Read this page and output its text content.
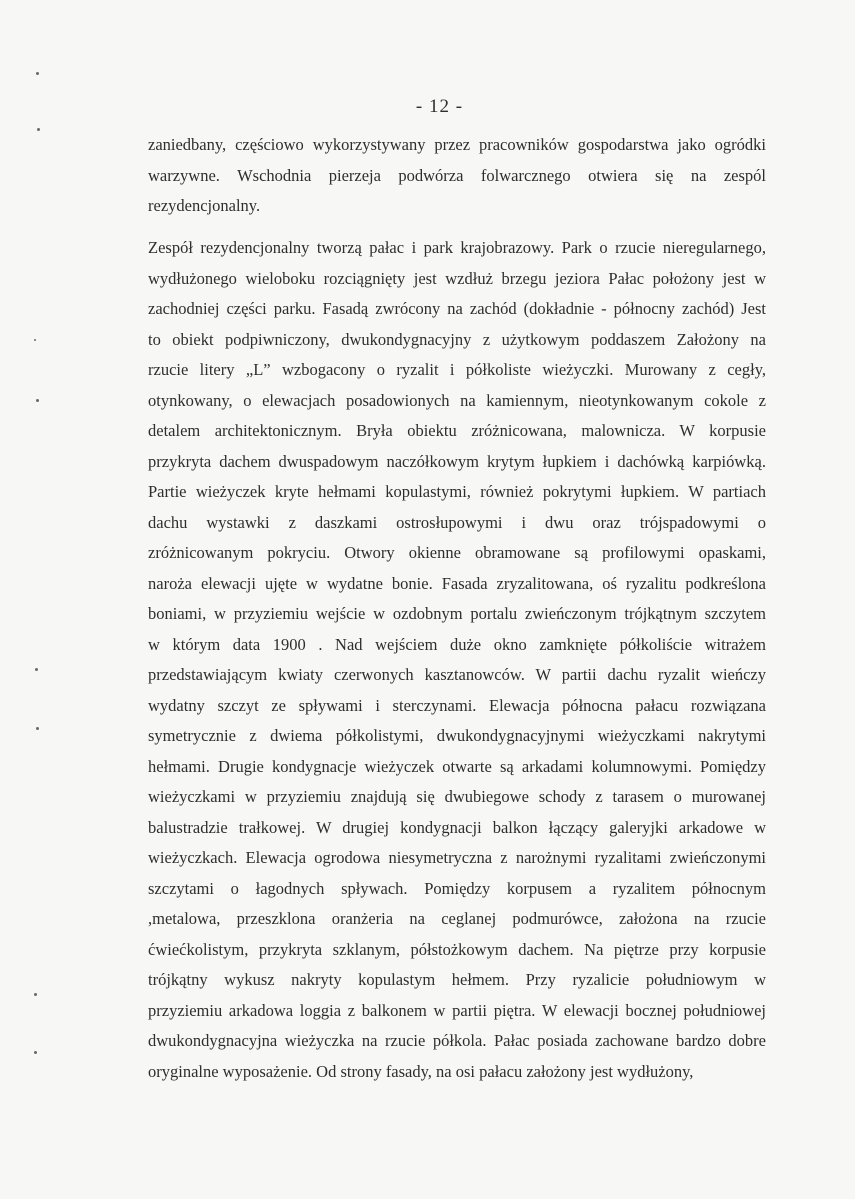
- 12 -
zaniedbany, częściowo wykorzystywany przez pracowników gospodarstwa jako ogródki
warzywne. Wschodnia pierzeja podwórza folwarcznego otwiera się na zespól
rezydencjonalny.
Zespół rezydencjonalny tworzą pałac i park krajobrazowy. Park o rzucie nieregularnego,
wydłużonego wieloboku rozciągnięty jest wzdłuż brzegu jeziora Pałac położony jest w
zachodniej części parku. Fasadą zwrócony na zachód (dokładnie - północny zachód) Jest
to obiekt podpiwniczony, dwukondygnacyjny z użytkowym poddaszem Założony na
rzucie litery „L” wzbogacony o ryzalit i półkoliste wieżyczki. Murowany z cegły,
otynkowany, o elewacjach posadowionych na kamiennym, nieotynkowanym cokole z
detalem architektonicznym. Bryła obiektu zróżnicowana, malownicza. W korpusie
przykryta dachem dwuspadowym naczółkowym krytym łupkiem i dachówką karpiówką.
Partie wieżyczek kryte hełmami kopulastymi, również pokrytymi łupkiem. W partiach
dachu wystawki z daszkami ostrosłupowymi i dwu oraz trójspadowymi o
zróżnicowanym pokryciu. Otwory okienne obramowane są profilowymi opaskami,
naroża elewacji ujęte w wydatne bonie. Fasada zryzalitowana, oś ryzalitu podkreślona
boniami, w przyziemiu wejście w ozdobnym portalu zwieńczonym trójkątnym szczytem
w którym data 1900 . Nad wejściem duże okno zamknięte półkoliście witrażem
przedstawiającym kwiaty czerwonych kasztanowców. W partii dachu ryzalit wieńczy
wydatny szczyt ze spływami i sterczynami. Elewacja północna pałacu rozwiązana
symetrycznie z dwiema półkolistymi, dwukondygnacyjnymi wieżyczkami nakrytymi
hełmami. Drugie kondygnacje wieżyczek otwarte są arkadami kolumnowymi. Pomiędzy
wieżyczkami w przyziemiu znajdują się dwubiegowe schody z tarasem o murowanej
balustradzie trałkowej. W drugiej kondygnacji balkon łączący galeryjki arkadowe w
wieżyczkach. Elewacja ogrodowa niesymetryczna z narożnymi ryzalitami zwieńczonymi
szczytami o łagodnych spływach. Pomiędzy korpusem a ryzalitem północnym
,metalowa, przeszklona oranżeria na ceglanej podmurówce, założona na rzucie
ćwiećkolistym, przykryta szklanym, półstożkowym dachem. Na piętrze przy korpusie
trójkątny wykusz nakryty kopulastym hełmem. Przy ryzalicie południowym w
przyziemiu arkadowa loggia z balkonem w partii piętra. W elewacji bocznej południowej
dwukondygnacyjna wieżyczka na rzucie półkola. Pałac posiada zachowane bardzo dobre
oryginalne wyposażenie. Od strony fasady, na osi pałacu założony jest wydłużony,
